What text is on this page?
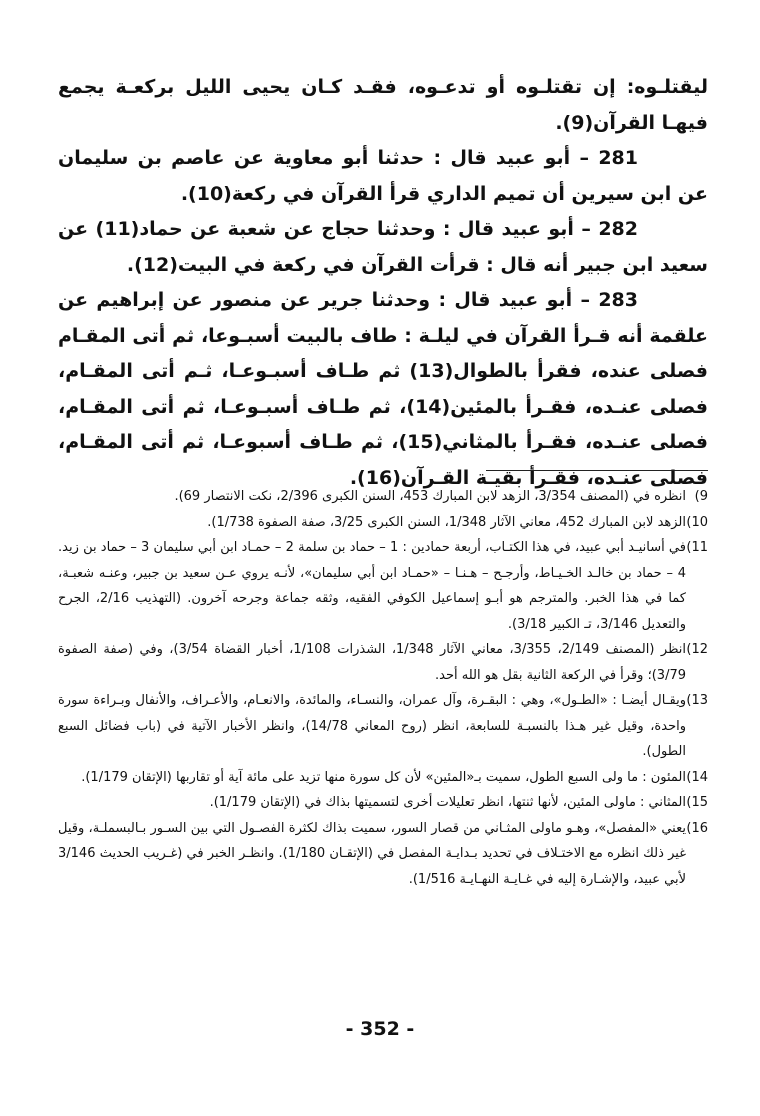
ليقتلـوه: إن تقتلـوه أو تدعـوه، فقـد كـان يحيى الليل بركعـة يجمع فيهـا القرآن(9).

281 – أبو عبيد قال : حدثنا أبو معاوية عن عاصم بن سليمان عن ابن سيرين أن تميم الداري قرأ القرآن في ركعة(10).

282 – أبو عبيد قال : وحدثنا حجاج عن شعبة عن حماد(11) عن سعيد ابن جبير أنه قال : قرأت القرآن في ركعة في البيت(12).

283 – أبو عبيد قال : وحدثنا جرير عن منصور عن إبراهيم عن علقمة أنه قـرأ القرآن في ليلـة : طاف بالبيت أسبـوعا، ثم أتى المقـام فصلى عنده، فقرأ بالطوال(13) ثم طـاف أسبـوعـا، ثـم أتى المقـام، فصلى عنـده، فقـرأ بالمئين(14)، ثم طـاف أسبـوعـا، ثم أتى المقـام، فصلى عنـده، فقـرأ بالمثاني(15)، ثم طـاف أسبوعـا، ثم أتى المقـام، فصلى عنـده، فقـرأ بقيـة القـرآن(16).

9)
انظره في (المصنف 3/354، الزهد لابن المبارك 453، السنن الكبرى 2/396، نكت الانتصار 69).
10)
الزهد لابن المبارك 452، معاني الآثار 1/348، السنن الكبرى 3/25، صفة الصفوة 1/738).
11)
في أسانيـد أبي عبيد، في هذا الكتـاب، أربعة حمادين : 1 – حماد بن سلمة 2 – حمـاد ابن أبي سليمان 3 – حماد بن زيد. 4 – حماد بن خالـد الخـيـاط، وأرجـح – هـنـا – «حمـاد ابن أبي سليمان»، لأنـه يروي عـن سعيد بن جبير، وعنـه شعبـة، كما في هذا الخبر. والمترجم هو أبـو إسماعيل الكوفي الفقيه، وثقه جماعة وجرحه آخرون. (التهذيب 2/16، الجرح والتعديل 3/146، تـ الكبير 3/18).
12)
انظر (المصنف 2/149، 3/355، معاني الآثار 1/348، الشذرات 1/108، أخبار القضاة 3/54)، وفي (صفة الصفوة 3/79)؛ وقرأ في الركعة الثانية بقل هو الله أحد.
13)
ويقـال أيضـا : «الطـول»، وهي : البقـرة، وآل عمران، والنسـاء، والمائدة، والانعـام، والأعـراف، والأنفال وبـراءة سورة واحدة، وقيل غير هـذا بالنسبـة للسابعة، انظر (روح المعاني 14/78)، وانظر الأخبار الآتية في (باب فضائل السبع الطول).
14)
المئون : ما ولى السبع الطول، سميت بـ«المئين» لأن كل سورة منها تزيد على مائة آية أو تقاربها (الإتقان 1/179).
15)
المثاني : ماولى المئين، لأنها ثنتها، انظر تعليلات أخرى لتسميتها بذاك في (الإتقان 1/179).
16)
يعني «المفصل»، وهـو ماولى المثـاني من قصار السور، سميت بذاك لكثرة الفصـول التي بين السـور بـالبسملـة، وقيل غير ذلك انظره مع الاختـلاف في تحديد بـدايـة المفصل في (الإتقـان 1/180). وانظـر الخبر في (غـريب الحديث 3/146 لأبي عبيد، والإشـارة إليه في غـايـة النهـايـة 1/516).
- 352 -
